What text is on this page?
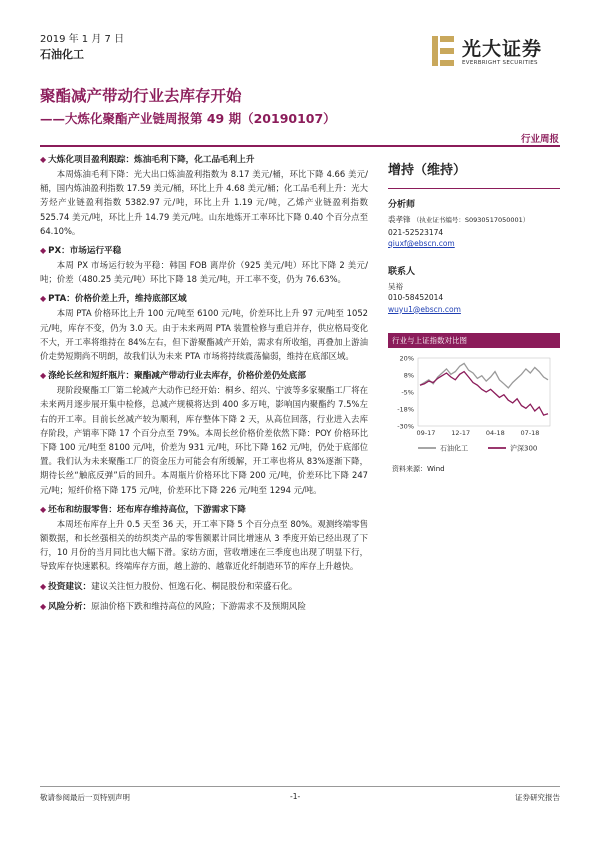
2019 年 1 月 7 日
石油化工	光大证券
EVERBRIGHT SECURITIES
聚酯减产带动行业去库存开始
——大炼化聚酯产业链周报第 49 期（20190107）
行业周报
◆ 大炼化项目盈利跟踪：炼油毛利下降，化工品毛利上升

本周炼油毛利下降：光大出口炼油盈利指数为 8.17 美元/桶，环比下降 4.66 美元/桶，国内炼油盈利指数 17.59 美元/桶，环比上升 4.68 美元/桶；化工品毛利上升：光大芳烃产业链盈利指数 5382.97 元/吨，环比上升 1.19 元/吨，乙烯产业链盈利指数 525.74 美元/吨，环比上升 14.79 美元/吨。山东地炼开工率环比下降 0.40 个百分点至 64.10%。

◆ PX：市场运行平稳

本周 PX 市场运行较为平稳：韩国 FOB 离岸价（925 美元/吨）环比下降 2 美元/吨；价差（480.25 美元/吨）环比下降 18 美元/吨，开工率不变，仍为 76.63%。

◆ PTA：价格价差上升，维持底部区域

本周 PTA 价格环比上升 100 元/吨至 6100 元/吨，价差环比上升 97 元/吨至 1052 元/吨，库存不变，仍为 3.0 天。由于未来两周 PTA 装置检修与重启并存，供应格局变化不大，开工率将维持在 84%左右，但下游聚酯减产开始，需求有所收缩，再叠加上游油价走势短期尚不明朗，故我们认为未来 PTA 市场将持续震荡偏弱，维持在底部区域。

◆ 涤纶长丝和短纤瓶片：聚酯减产带动行业去库存，价格价差仍处底部

现阶段聚酯工厂第二轮减产大动作已经开始：桐乡、绍兴、宁波等多家聚酯工厂将在未来两月逐步展开集中检修，总减产规模将达到 400 多万吨，影响国内聚酯约 7.5%左右的开工率。目前长丝减产较为顺利，库存整体下降 2 天，从高位回落，行业进入去库存阶段，产销率下降 17 个百分点至 79%。本周长丝价格价差依然下降：POY 价格环比下降 100 元/吨至 8100 元/吨，价差为 931 元/吨，环比下降 162 元/吨，仍处于底部位置。我们认为未来聚酯工厂的资金压力可能会有所缓解，开工率也将从 83%逐渐下降，期待长丝“触底反弹”后的回升。本周瓶片价格环比下降 200 元/吨，价差环比下降 247 元/吨；短纤价格下降 175 元/吨，价差环比下降 226 元/吨至 1294 元/吨。

◆ 坯布和纺服零售：坯布库存维持高位，下游需求下降

本周坯布库存上升 0.5 天至 36 天，开工率下降 5 个百分点至 80%。观测终端零售额数据，和长丝强相关的纺织类产品的零售额累计同比增速从 3 季度开始已经出现了下行，10 月份的当月同比也大幅下滑。家纺方面，营收增速在三季度也出现了明显下行，导致库存快速累积。终端库存方面，越上游的、越靠近化纤制造环节的库存上升越快。

◆ 投资建议：建议关注恒力股份、恒逸石化、桐昆股份和荣盛石化。
◆ 风险分析：原油价格下跌和维持高位的风险；下游需求不及预期风险
增持（维持）
分析师
裘孝锋 （执业证书编号：S0930517050001）
021-52523174
qiuxf@ebscn.com
联系人
吴裕
010-58452014
wuyu1@ebscn.com
行业与上证指数对比图
20%
8%
-5%
-18%
-30%
09-17 12-17 04-18 07-18
石油化工	沪深300
资料来源：Wind
敬请参阅最后一页特别声明	-1-	证券研究报告
